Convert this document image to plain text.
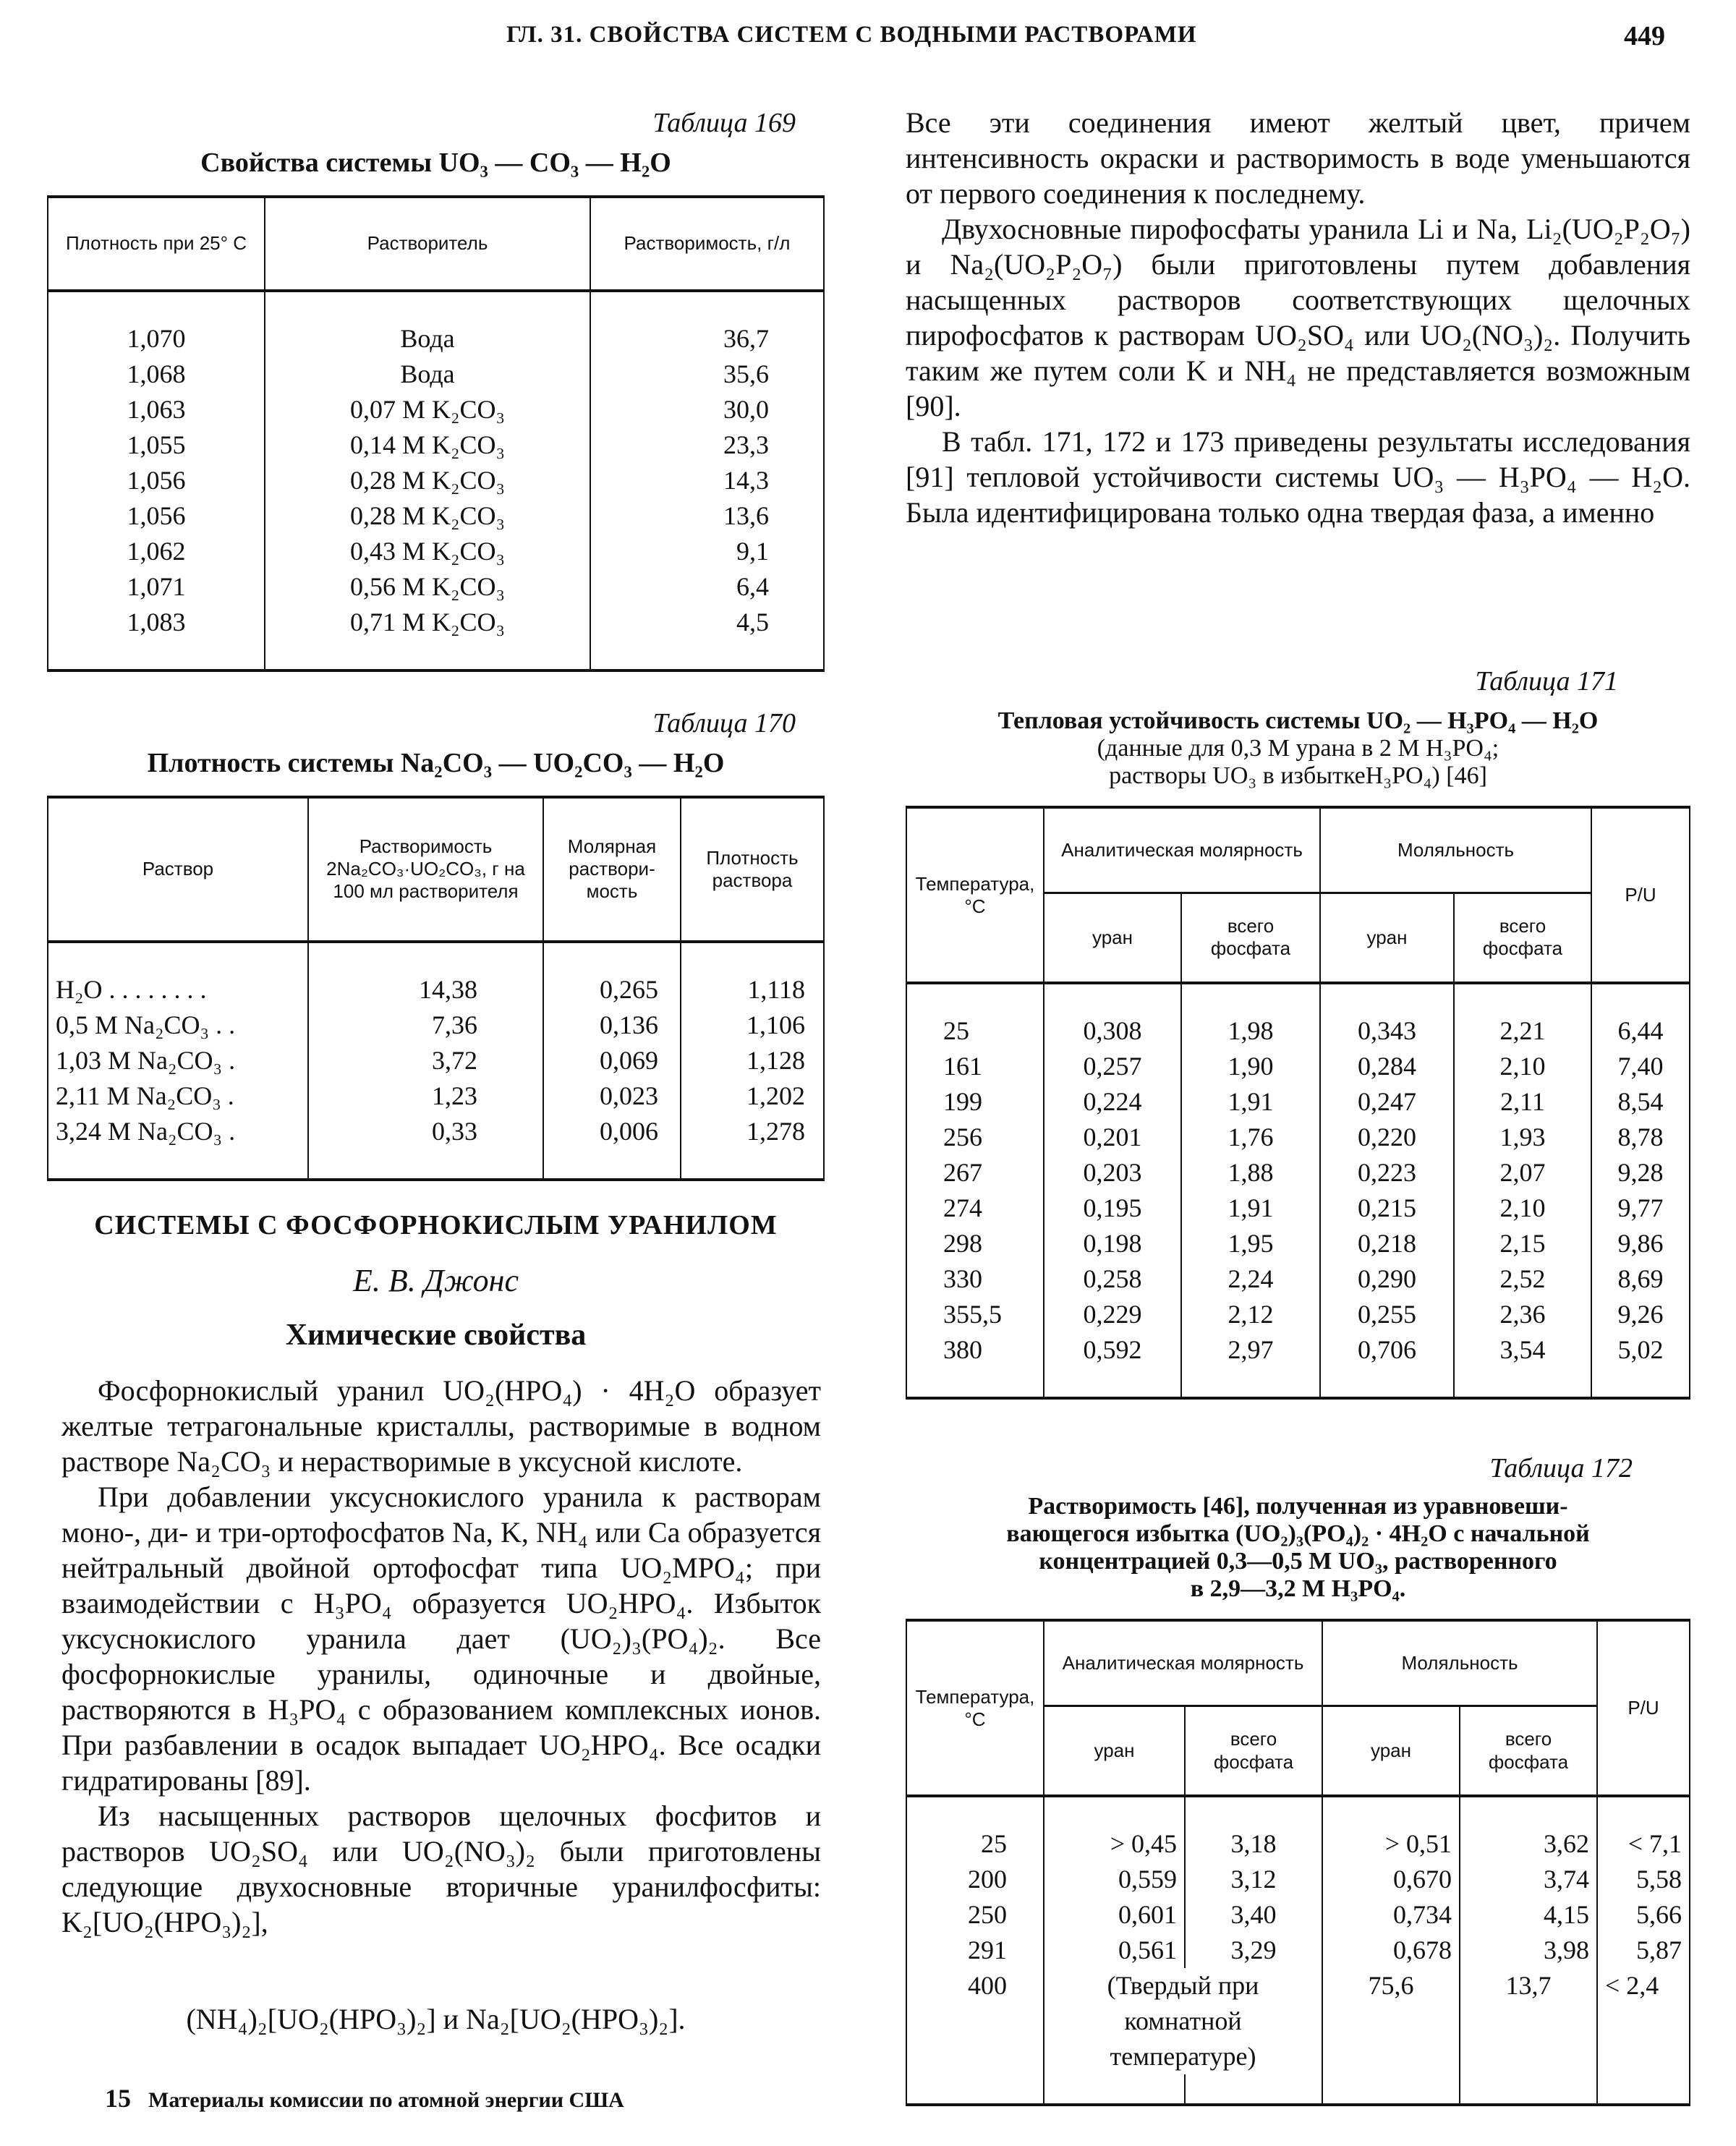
ГЛ. 31. СВОЙСТВА СИСТЕМ С ВОДНЫМИ РАСТВОРАМИ	449
Таблица 169
Свойства системы UO₃ — CO₃ — H₂O
Плотность при 25° С	Растворитель	Растворимость, г/л

1,070	Вода	36,7
1,068	Вода	35,6
1,063	0,07 M K₂CO₃	30,0
1,055	0,14 M K₂CO₃	23,3
1,056	0,28 M K₂CO₃	14,3
1,056	0,28 M K₂CO₃	13,6
1,062	0,43 M K₂CO₃	9,1
1,071	0,56 M K₂CO₃	6,4
1,083	0,71 M K₂CO₃	4,5

Таблица 170
Плотность системы Na₂CO₃ — UO₂CO₃ — H₂O
Раствор	Растворимость 2Na₂CO₃·UO₂CO₃, г на 100 мл растворителя	Молярная растворимость	Плотность раствора

H₂O . . . . . . . .	14,38	0,265	1,118
0,5 M Na₂CO₃ . .	7,36	0,136	1,106
1,03 M Na₂CO₃ .	3,72	0,069	1,128
2,11 M Na₂CO₃ .	1,23	0,023	1,202
3,24 M Na₂CO₃ .	0,33	0,006	1,278

СИСТЕМЫ С ФОСФОРНОКИСЛЫМ УРАНИЛОМ
Е. В. Джонс
Химические свойства

Фосфорнокислый уранил UO₂(HPO₄) · 4H₂O образует желтые тетрагональные кристаллы, растворимые в водном растворе Na₂CO₃ и нерастворимые в уксусной кислоте.

При добавлении уксуснокислого уранила к растворам моно-, ди- и три-ортофосфатов Na, K, NH₄ или Ca образуется нейтральный двойной ортофосфат типа UO₂MPO₄; при взаимодействии с H₃PO₄ образуется UO₂HPO₄. Избыток уксуснокислого уранила дает (UO₂)₃(PO₄)₂. Все фосфорнокислые уранилы, одиночные и двойные, растворяются в H₃PO₄ с образованием комплексных ионов. При разбавлении в осадок выпадает UO₂HPO₄. Все осадки гидратированы [89].

Из насыщенных растворов щелочных фосфитов и растворов UO₂SO₄ или UO₂(NO₃)₂ были приготовлены следующие двухосновные вторичные уранилфосфиты: K₂[UO₂(HPO₃)₂],

(NH₄)₂[UO₂(HPO₃)₂] и Na₂[UO₂(HPO₃)₂].
15 Материалы комиссии по атомной энергии США

Все эти соединения имеют желтый цвет, причем интенсивность окраски и растворимость в воде уменьшаются от первого соединения к последнему.

Двухосновные пирофосфаты уранила Li и Na, Li₂(UO₂P₂O₇) и Na₂(UO₂P₂O₇) были приготовлены путем добавления насыщенных растворов соответствующих щелочных пирофосфатов к растворам UO₂SO₄ или UO₂(NO₃)₂. Получить таким же путем соли K и NH₄ не представляется возможным [90].

В табл. 171, 172 и 173 приведены результаты исследования [91] тепловой устойчивости системы UO₃ — H₃PO₄ — H₂O. Была идентифицирована только одна твердая фаза, а именно

Таблица 171
Тепловая устойчивость системы UO₂ — H₃PO₄ — H₂O
(данные для 0,3 M урана в 2 M H₃PO₄;
растворы UO₃ в избыткеH₃PO₄) [46]
Температура, °С	Аналитическая молярность		Моляльность		P/U
	уран	всего фосфата	уран	всего фосфата	

25	0,308	1,98	0,343	2,21	6,44
161	0,257	1,90	0,284	2,10	7,40
199	0,224	1,91	0,247	2,11	8,54
256	0,201	1,76	0,220	1,93	8,78
267	0,203	1,88	0,223	2,07	9,28
274	0,195	1,91	0,215	2,10	9,77
298	0,198	1,95	0,218	2,15	9,86
330	0,258	2,24	0,290	2,52	8,69
355,5	0,229	2,12	0,255	2,36	9,26
380	0,592	2,97	0,706	3,54	5,02

Таблица 172
Растворимость [46], полученная из уравновеши-
вающегося избытка (UO₂)₃(PO₄)₂ · 4H₂O с начальной
концентрацией 0,3—0,5 M UO₃, растворенного
в 2,9—3,2 M H₃PO₄.
Температура, °С	Аналитическая молярность		Моляльность		P/U
	уран	всего фосфата	уран	всего фосфата	

25	> 0,45	3,18	> 0,51	3,62	< 7,1
200	0,559	3,12	0,670	3,74	5,58
250	0,601	3,40	0,734	4,15	5,66
291	0,561	3,29	0,678	3,98	5,87
400	(Твердый при комнатной температуре)		75,6	13,7	< 2,4
